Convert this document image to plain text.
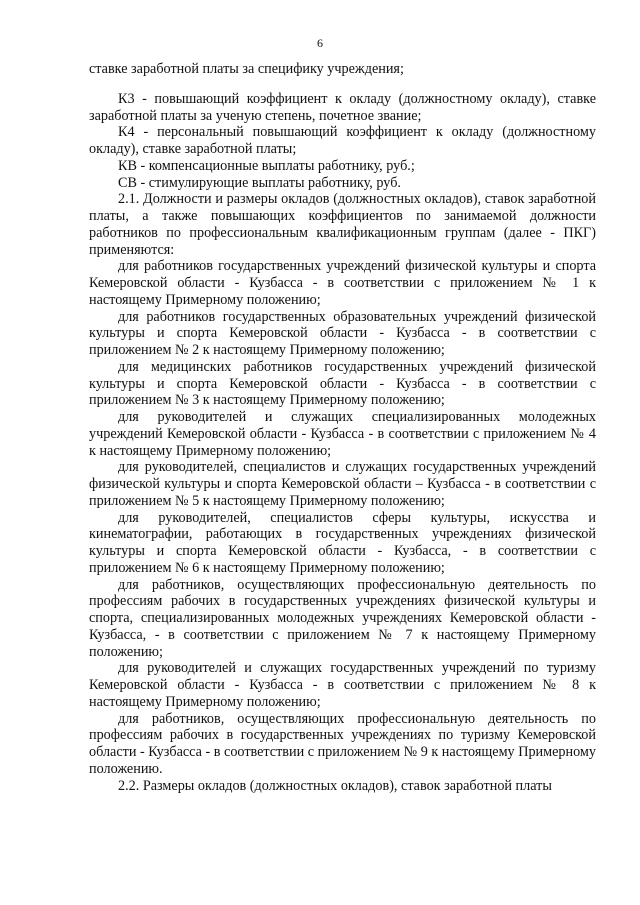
6

ставке заработной платы за специфику учреждения;

К3 - повышающий коэффициент к окладу (должностному окладу), ставке заработной платы за ученую степень, почетное звание;

К4 - персональный повышающий коэффициент к окладу (должностному окладу), ставке заработной платы;

КВ - компенсационные выплаты работнику, руб.;

СВ - стимулирующие выплаты работнику, руб.

2.1. Должности и размеры окладов (должностных окладов), ставок заработной платы, а также повышающих коэффициентов по занимаемой должности работников по профессиональным квалификационным группам (далее - ПКГ) применяются:

для работников государственных учреждений физической культуры и спорта Кемеровской области - Кузбасса - в соответствии с приложением № 1 к настоящему Примерному положению;

для работников государственных образовательных учреждений физической культуры и спорта Кемеровской области - Кузбасса - в соответствии с приложением № 2 к настоящему Примерному положению;

для медицинских работников государственных учреждений физической культуры и спорта Кемеровской области - Кузбасса - в соответствии с приложением № 3 к настоящему Примерному положению;

для руководителей и служащих специализированных молодежных учреждений Кемеровской области - Кузбасса - в соответствии с приложением № 4 к настоящему Примерному положению;

для руководителей, специалистов и служащих государственных учреждений физической культуры и спорта Кемеровской области – Кузбасса - в соответствии с приложением № 5 к настоящему Примерному положению;

для руководителей, специалистов сферы культуры, искусства и кинематографии, работающих в государственных учреждениях физической культуры и спорта Кемеровской области - Кузбасса, - в соответствии с приложением № 6 к настоящему Примерному положению;

для работников, осуществляющих профессиональную деятельность по профессиям рабочих в государственных учреждениях физической культуры и спорта, специализированных молодежных учреждениях Кемеровской области - Кузбасса, - в соответствии с приложением № 7 к настоящему Примерному положению;

для руководителей и служащих государственных учреждений по туризму Кемеровской области - Кузбасса - в соответствии с приложением № 8 к настоящему Примерному положению;

для работников, осуществляющих профессиональную деятельность по профессиям рабочих в государственных учреждениях по туризму Кемеровской области - Кузбасса - в соответствии с приложением № 9 к настоящему Примерному положению.

2.2. Размеры окладов (должностных окладов), ставок заработной платы
